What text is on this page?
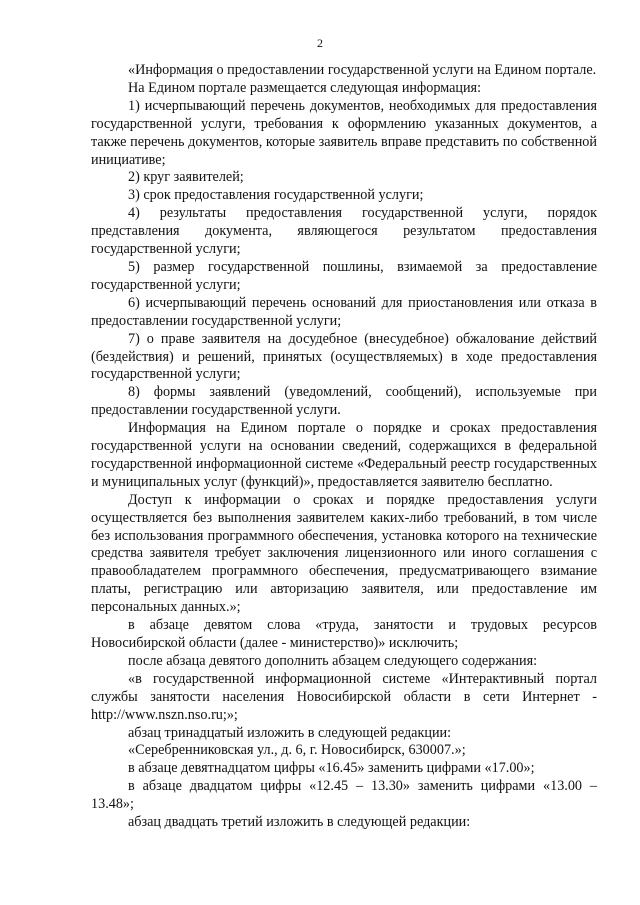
2

«Информация о предоставлении государственной услуги на Едином портале.

На Едином портале размещается следующая информация:

1) исчерпывающий перечень документов, необходимых для предоставления государственной услуги, требования к оформлению указанных документов, а также перечень документов, которые заявитель вправе представить по собственной инициативе;

2) круг заявителей;

3) срок предоставления государственной услуги;

4) результаты предоставления государственной услуги, порядок представления документа, являющегося результатом предоставления государственной услуги;

5) размер государственной пошлины, взимаемой за предоставление государственной услуги;

6) исчерпывающий перечень оснований для приостановления или отказа в предоставлении государственной услуги;

7) о праве заявителя на досудебное (внесудебное) обжалование действий (бездействия) и решений, принятых (осуществляемых) в ходе предоставления государственной услуги;

8) формы заявлений (уведомлений, сообщений), используемые при предоставлении государственной услуги.

Информация на Едином портале о порядке и сроках предоставления государственной услуги на основании сведений, содержащихся в федеральной государственной информационной системе «Федеральный реестр государственных и муниципальных услуг (функций)», предоставляется заявителю бесплатно.

Доступ к информации о сроках и порядке предоставления услуги осуществляется без выполнения заявителем каких-либо требований, в том числе без использования программного обеспечения, установка которого на технические средства заявителя требует заключения лицензионного или иного соглашения с правообладателем программного обеспечения, предусматривающего взимание платы, регистрацию или авторизацию заявителя, или предоставление им персональных данных.»;

в абзаце девятом слова «труда, занятости и трудовых ресурсов Новосибирской области (далее - министерство)» исключить;

после абзаца девятого дополнить абзацем следующего содержания:

«в государственной информационной системе «Интерактивный портал службы занятости населения Новосибирской области в сети Интернет - http://www.nszn.nso.ru;»;

абзац тринадцатый изложить в следующей редакции:

«Серебренниковская ул., д. 6, г. Новосибирск, 630007.»;

в абзаце девятнадцатом цифры «16.45» заменить цифрами «17.00»;

в абзаце двадцатом цифры «12.45 – 13.30» заменить цифрами «13.00 – 13.48»;

абзац двадцать третий изложить в следующей редакции:
